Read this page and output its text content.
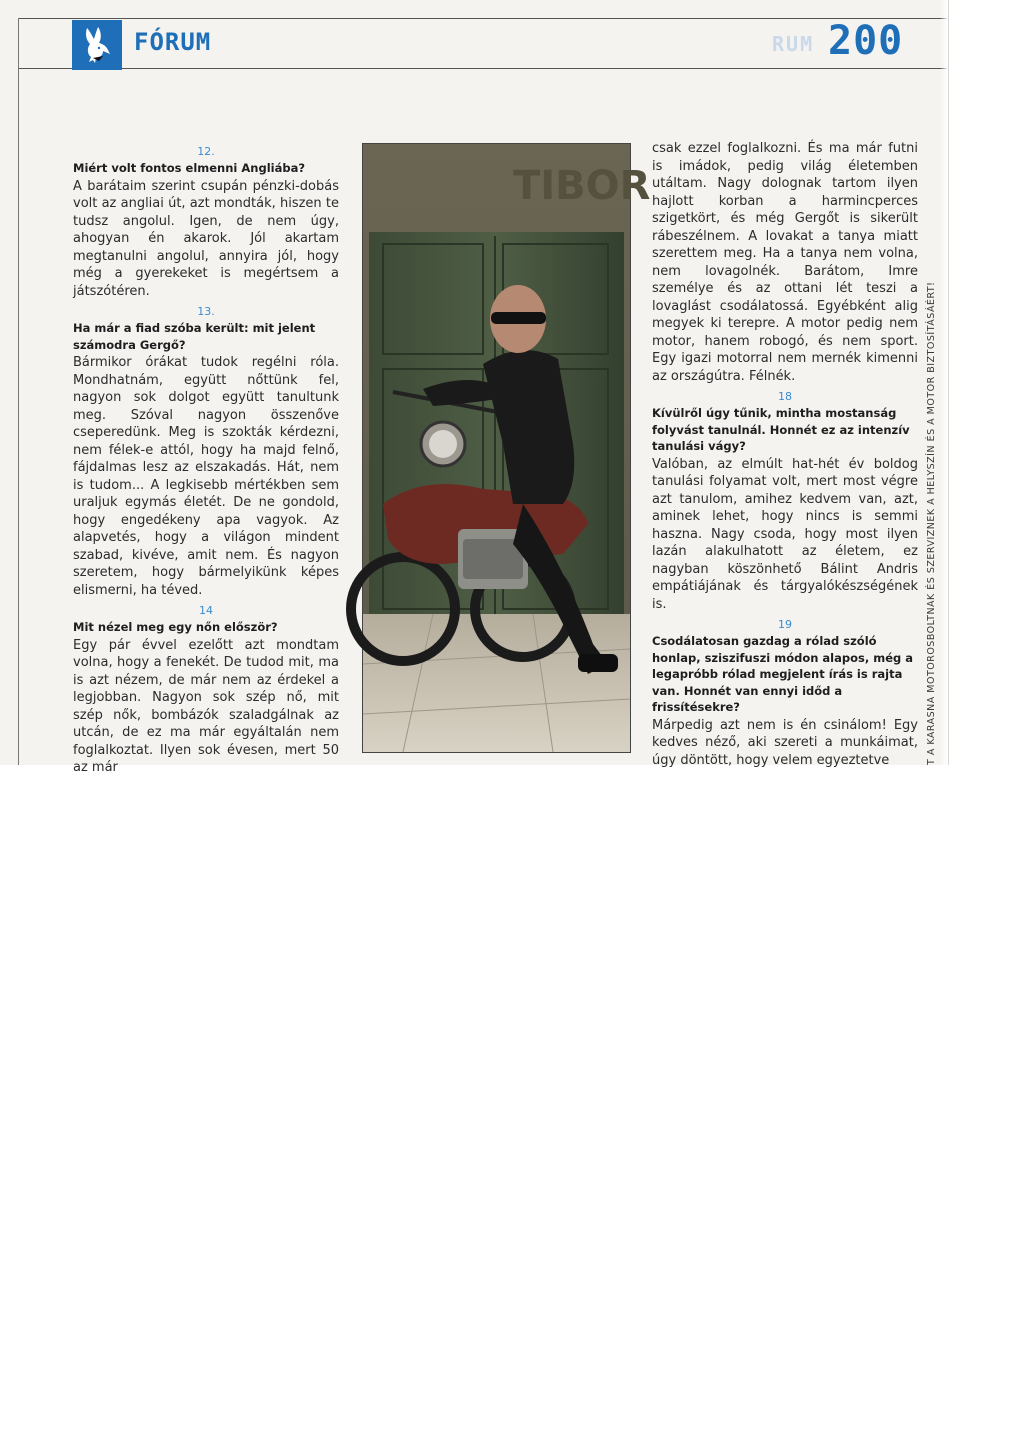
FÓRUM	RUM 200
12.
Miért volt fontos elmenni Angliába?
A barátaim szerint csupán pénzki-dobás volt az angliai út, azt mondták, hiszen te tudsz angolul. Igen, de nem úgy, ahogyan én akarok. Jól akartam megtanulni angolul, annyira jól, hogy még a gyerekeket is megértsem a játszótéren.
13.
Ha már a fiad szóba került: mit jelent számodra Gergő?
Bármikor órákat tudok regélni róla. Mondhatnám, együtt nőttünk fel, nagyon sok dolgot együtt tanultunk meg. Szóval nagyon összenőve cseperedünk. Meg is szokták kérdezni, nem félek-e attól, hogy ha majd felnő, fájdalmas lesz az elszakadás. Hát, nem is tudom... A legkisebb mértékben sem uraljuk egymás életét. De ne gondold, hogy engedékeny apa vagyok. Az alapvetés, hogy a világon mindent szabad, kivéve, amit nem. És nagyon szeretem, hogy bármelyikünk képes elismerni, ha téved.
14
Mit nézel meg egy nőn először?
Egy pár évvel ezelőtt azt mondtam volna, hogy a fenekét. De tudod mit, ma is azt nézem, de már nem az érdekel a legjobban. Nagyon sok szép nő, mit szép nők, bombázók szaladgálnak az utcán, de ez ma már egyáltalán nem foglalkoztat. Ilyen sok évesen, mert 50 az már
TIBOR
csak ezzel foglalkozni. És ma már futni is imádok, pedig világ életemben utáltam. Nagy dolognak tartom ilyen hajlott korban a harmincperces szigetkört, és még Gergőt is sikerült rábeszélnem. A lovakat a tanya miatt szerettem meg. Ha a tanya nem volna, nem lovagolnék. Barátom, Imre személye és az ottani lét teszi a lovaglást csodálatossá. Egyébként alig megyek ki terepre. A motor pedig nem motor, hanem robogó, és nem sport. Egy igazi motorral nem mernék kimenni az országútra. Félnék.
18
Kívülről úgy tűnik, mintha mostanság folyvást tanulnál. Honnét ez az intenzív tanulási vágy?
Valóban, az elmúlt hat-hét év boldog tanulási folyamat volt, mert most végre azt tanulom, amihez kedvem van, azt, aminek lehet, hogy nincs is semmi haszna. Nagy csoda, hogy most ilyen lazán alakulhatott az életem, ez nagyban köszönhető Bálint Andris empátiájának és tárgyalókészségének is.
19
Csodálatosan gazdag a rólad szóló honlap, sziszifuszi módon alapos, még a legapróbb rólad megjelent írás is rajta van. Honnét van ennyi időd a frissítésekre?
Márpedig azt nem is én csinálom! Egy kedves néző, aki szereti a munkáimat, úgy döntött, hogy velem egyeztetve	T A KARASNA MOTOROSBOLTNAK ÉS SZERVIZNEK A HELYSZÍN ÉS A MOTOR BIZTOSÍTÁSÁÉRT!
